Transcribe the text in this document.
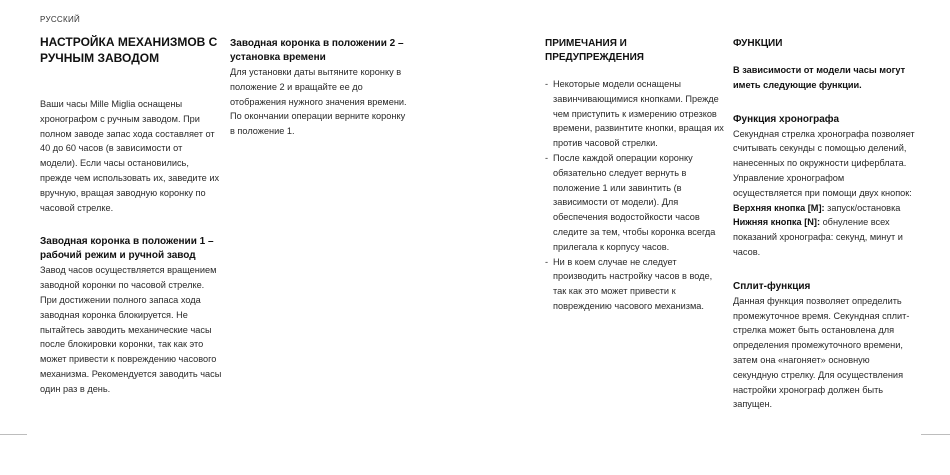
РУССКИЙ

НАСТРОЙКА МЕХАНИЗМОВ С РУЧНЫМ ЗАВОДОМ

Ваши часы Mille Miglia оснащены хронографом с ручным заводом. При полном заводе запас хода составляет от 40 до 60 часов (в зависимости от модели). Если часы остановились, прежде чем использовать их, заведите их вручную, вращая заводную коронку по часовой стрелке.

Заводная коронка в положении 1 – рабочий режим и ручной завод

Завод часов осуществляется вращением заводной коронки по часовой стрелке. При достижении полного запаса хода заводная коронка блокируется. Не пытайтесь заводить механические часы после блокировки коронки, так как это может привести к повреждению часового механизма. Рекомендуется заводить часы один раз в день.

Заводная коронка в положении 2 – установка времени

Для установки даты вытяните коронку в положение 2 и вращайте ее до отображения нужного значения времени. По окончании операции верните коронку в положение 1.

ПРИМЕЧАНИЯ И ПРЕДУПРЕЖДЕНИЯ

- Некоторые модели оснащены завинчивающимися кнопками. Прежде чем приступить к измерению отрезков времени, развинтите кнопки, вращая их против часовой стрелки.
- После каждой операции коронку обязательно следует вернуть в положение 1 или завинтить (в зависимости от модели). Для обеспечения водостойкости часов следите за тем, чтобы коронка всегда прилегала к корпусу часов.
- Ни в коем случае не следует производить настройку часов в воде, так как это может привести к повреждению часового механизма.

ФУНКЦИИ

В зависимости от модели часы могут иметь следующие функции.

Функция хронографа

Секундная стрелка хронографа позволяет считывать секунды с помощью делений, нанесенных по окружности циферблата. Управление хронографом осуществляется при помощи двух кнопок:

Верхняя кнопка [M]: запуск/остановка

Нижняя кнопка [N]: обнуление всех показаний хронографа: секунд, минут и часов.

Сплит-функция

Данная функция позволяет определить промежуточное время. Секундная сплит-стрелка может быть остановлена для определения промежуточного времени, затем она «нагоняет» основную секундную стрелку. Для осуществления настройки хронограф должен быть запущен.
